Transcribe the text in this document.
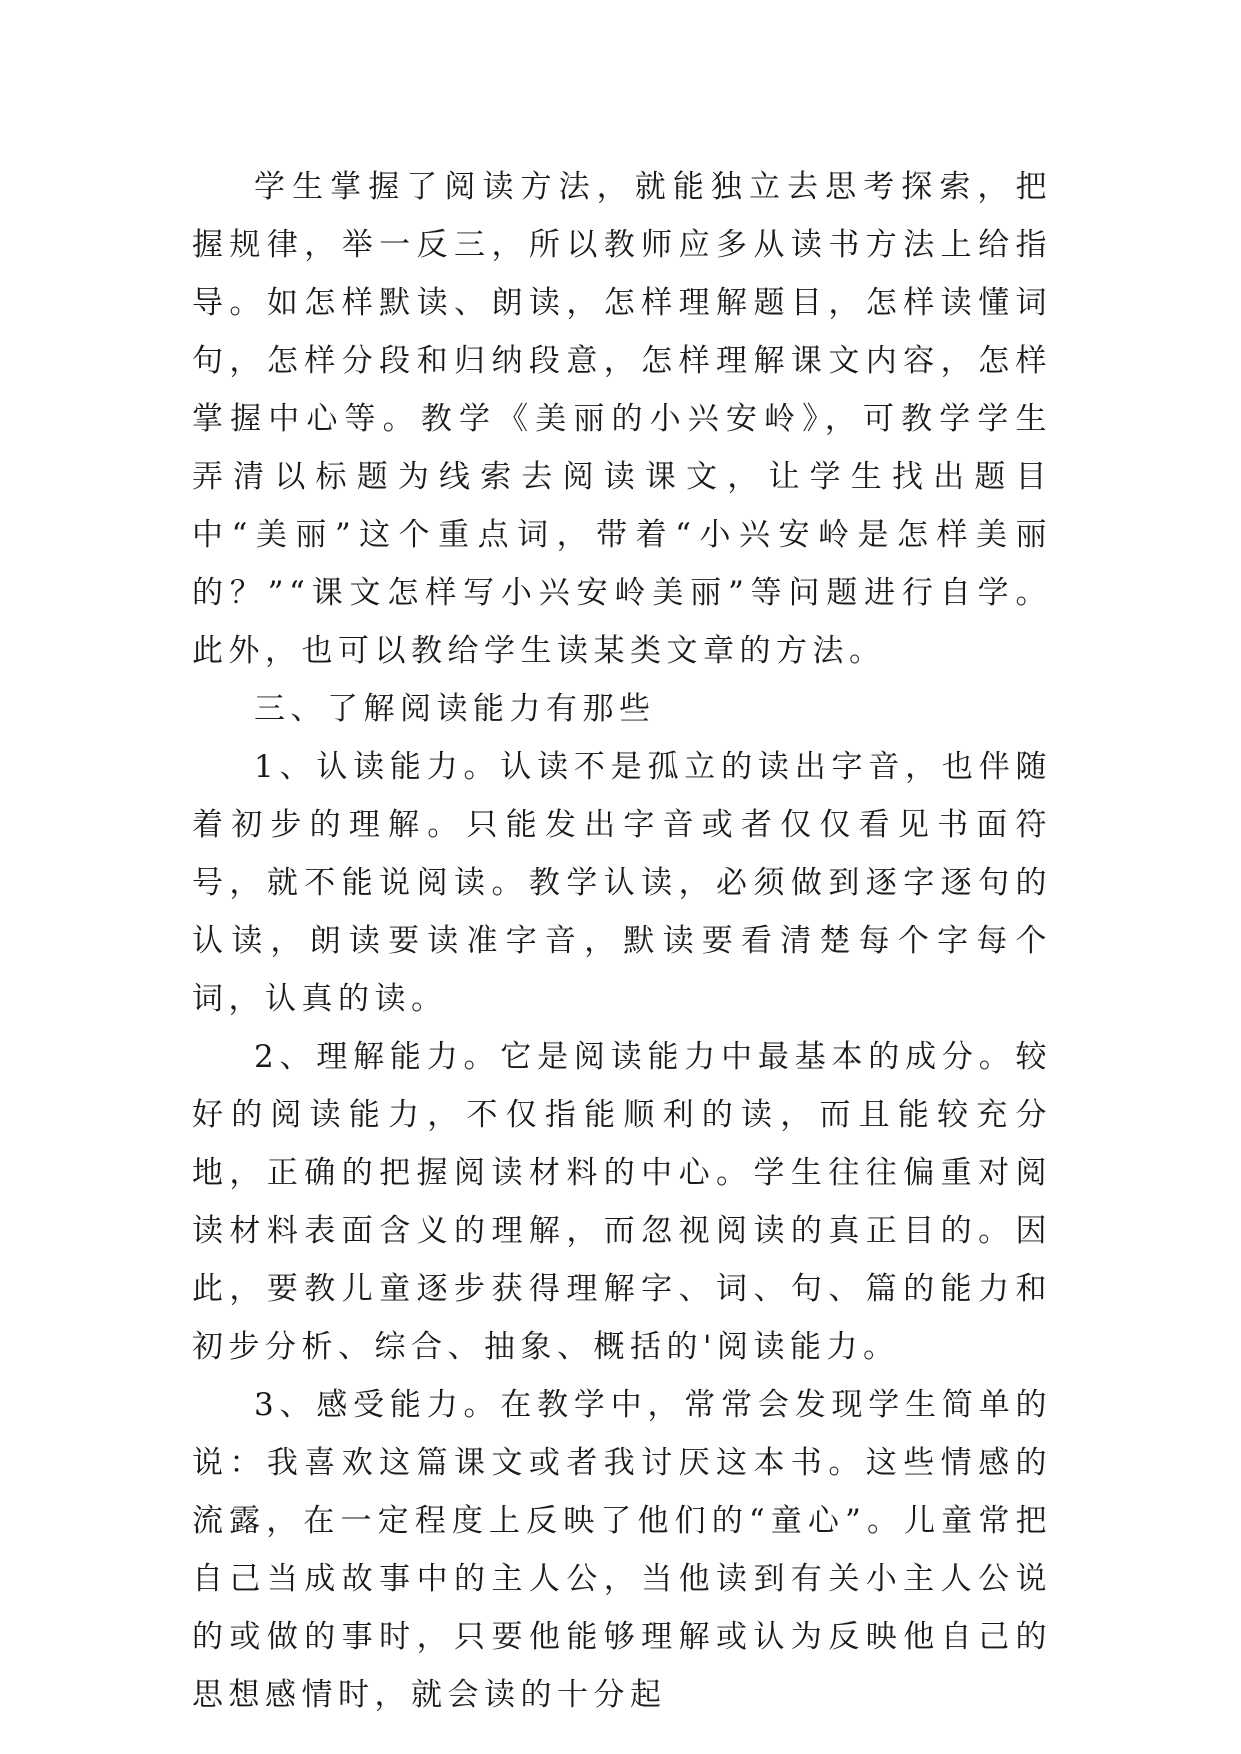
学生掌握了阅读方法，就能独立去思考探索，把握规律，举一反三，所以教师应多从读书方法上给指导。如怎样默读、朗读，怎样理解题目，怎样读懂词句，怎样分段和归纳段意，怎样理解课文内容，怎样掌握中心等。教学《美丽的小兴安岭》，可教学学生弄清以标题为线索去阅读课文，让学生找出题目中“美丽”这个重点词，带着“小兴安岭是怎样美丽的？”“课文怎样写小兴安岭美丽”等问题进行自学。此外，也可以教给学生读某类文章的方法。

三、了解阅读能力有那些

1、认读能力。认读不是孤立的读出字音，也伴随着初步的理解。只能发出字音或者仅仅看见书面符号，就不能说阅读。教学认读，必须做到逐字逐句的认读，朗读要读准字音，默读要看清楚每个字每个词，认真的读。

2、理解能力。它是阅读能力中最基本的成分。较好的阅读能力，不仅指能顺利的读，而且能较充分地，正确的把握阅读材料的中心。学生往往偏重对阅读材料表面含义的理解，而忽视阅读的真正目的。因此，要教儿童逐步获得理解字、词、句、篇的能力和初步分析、综合、抽象、概括的'阅读能力。

3、感受能力。在教学中，常常会发现学生简单的说：我喜欢这篇课文或者我讨厌这本书。这些情感的流露，在一定程度上反映了他们的“童心”。儿童常把自己当成故事中的主人公，当他读到有关小主人公说的或做的事时，只要他能够理解或认为反映他自己的思想感情时，就会读的十分起
